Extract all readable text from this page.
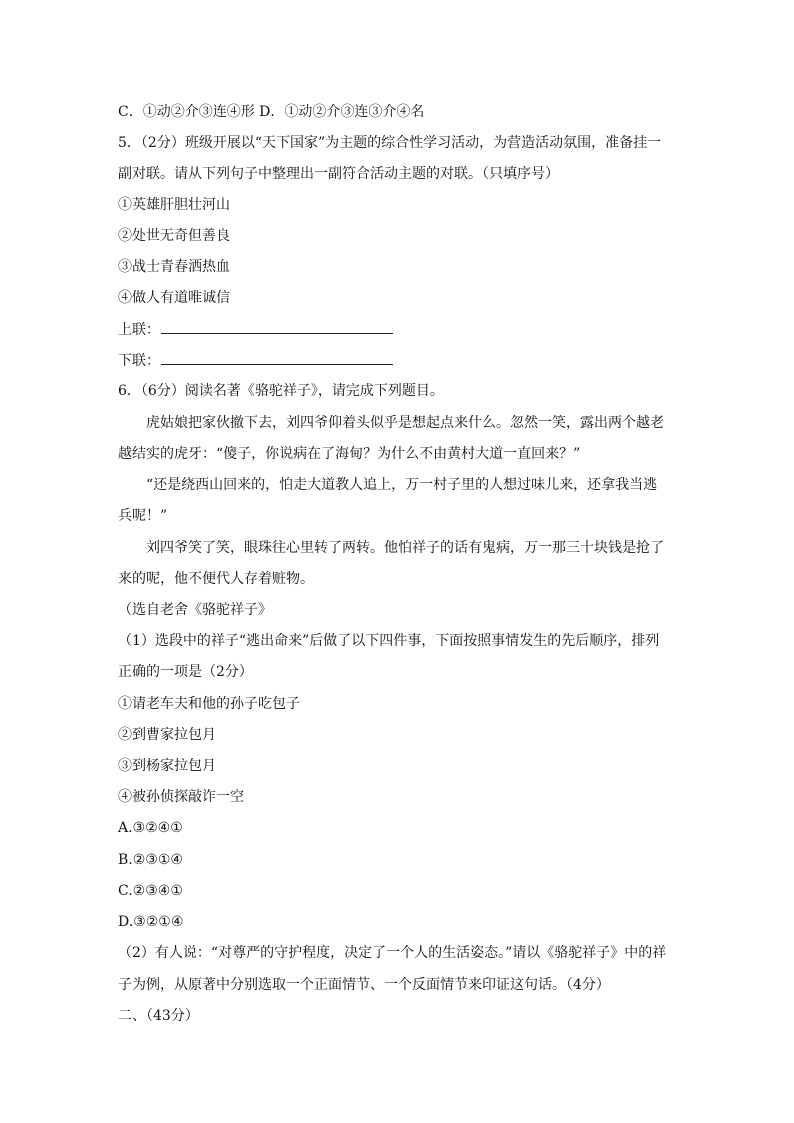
C．①动②介③连④形 D．①动②介③连③介④名
5．（2分）班级开展以“天下国家”为主题的综合性学习活动，为营造活动氛围，准备挂一
副对联。请从下列句子中整理出一副符合活动主题的对联。（只填序号）
①英雄肝胆壮河山
②处世无奇但善良
③战士青春洒热血
④做人有道唯诚信
上联：
下联：
6．（6分）阅读名著《骆驼祥子》，请完成下列题目。
虎姑娘把家伙撤下去，刘四爷仰着头似乎是想起点来什么。忽然一笑，露出两个越老
越结实的虎牙：“傻子，你说病在了海甸？为什么不由黄村大道一直回来？”
“还是绕西山回来的，怕走大道教人追上，万一村子里的人想过味儿来，还拿我当逃
兵呢！”
刘四爷笑了笑，眼珠往心里转了两转。他怕祥子的话有鬼病，万一那三十块钱是抢了
来的呢，他不便代人存着赃物。
（选自老舍《骆驼祥子》
（1）选段中的祥子“逃出命来”后做了以下四件事，下面按照事情发生的先后顺序，排列
正确的一项是（2分）
①请老车夫和他的孙子吃包子
②到曹家拉包月
③到杨家拉包月
④被孙侦探敲诈一空
A.③②④①
B.②③①④
C.②③④①
D.③②①④
（2）有人说：“对尊严的守护程度，决定了一个人的生活姿态。”请以《骆驼祥子》中的祥
子为例，从原著中分别选取一个正面情节、一个反面情节来印证这句话。（4分）
二、（43分）
